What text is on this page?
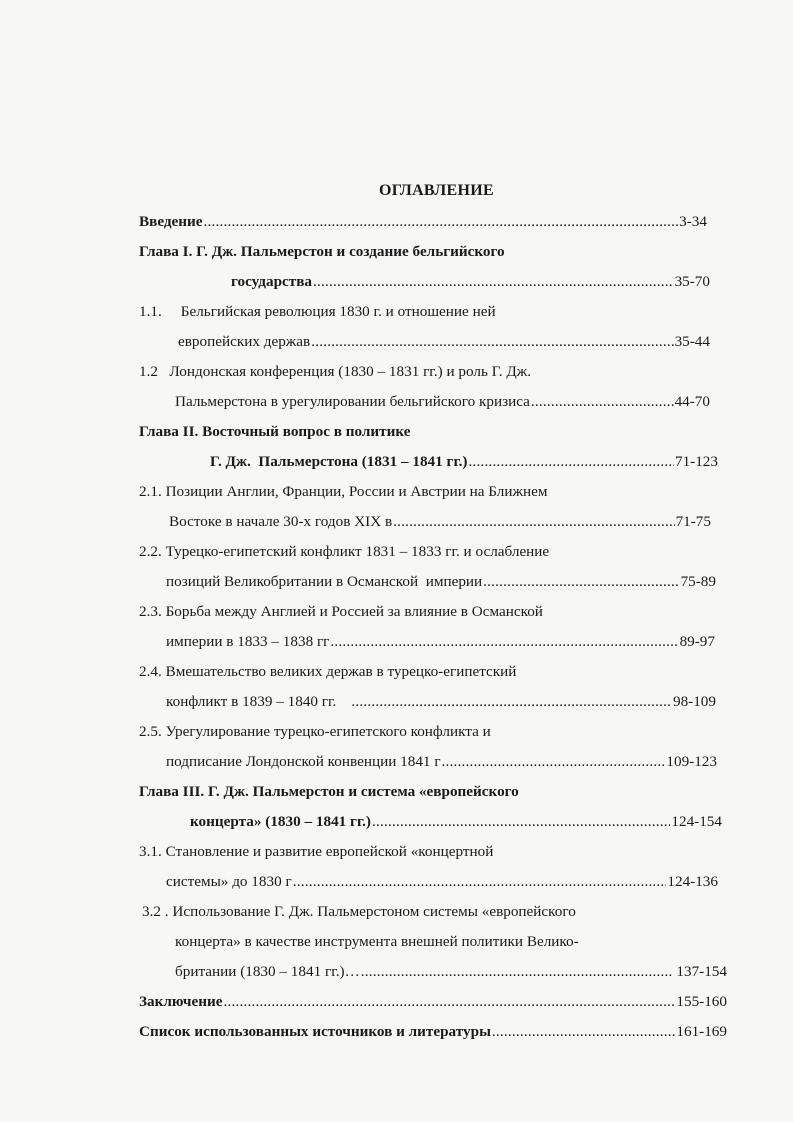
ОГЛАВЛЕНИЕ
Введение .....	3-34
Глава I. Г. Дж. Пальмерстон и создание бельгийского
государства .....	35-70
1.1.     Бельгийская революция 1830 г. и отношение ней
европейских держав .....	35-44
1.2   Лондонская конференция (1830 – 1831 гг.) и роль Г. Дж.
Пальмерстона в урегулировании бельгийского кризиса .....	44-70
Глава II. Восточный вопрос в политике
Г. Дж.  Пальмерстона (1831 – 1841 гг.) .....	71-123
2.1. Позиции Англии, Франции, России и Австрии на Ближнем
Востоке в начале 30-х годов XIX в .....	71-75
2.2. Турецко-египетский конфликт 1831 – 1833 гг. и ослабление
позиций Великобритании в Османской  империи .....	75-89
2.3. Борьба между Англией и Россией за влияние в Османской
империи в 1833 – 1838 гг .....	89-97
2.4. Вмешательство великих держав в турецко-египетский
конфликт в 1839 – 1840 гг. .....	98-109
2.5. Урегулирование турецко-египетского конфликта и
подписание Лондонской конвенции 1841 г .....	109-123
Глава III. Г. Дж. Пальмерстон и система «европейского
концерта» (1830 – 1841 гг.) .....	124-154
3.1. Становление и развитие европейской «концертной
системы» до 1830 г .....	124-136
3.2 . Использование Г. Дж. Пальмерстоном системы «европейского
концерта» в качестве инструмента внешней политики Велико-
британии (1830 – 1841 гг.)… .....	137-154
Заключение .....	155-160
Список использованных источников и литературы .....	161-169
